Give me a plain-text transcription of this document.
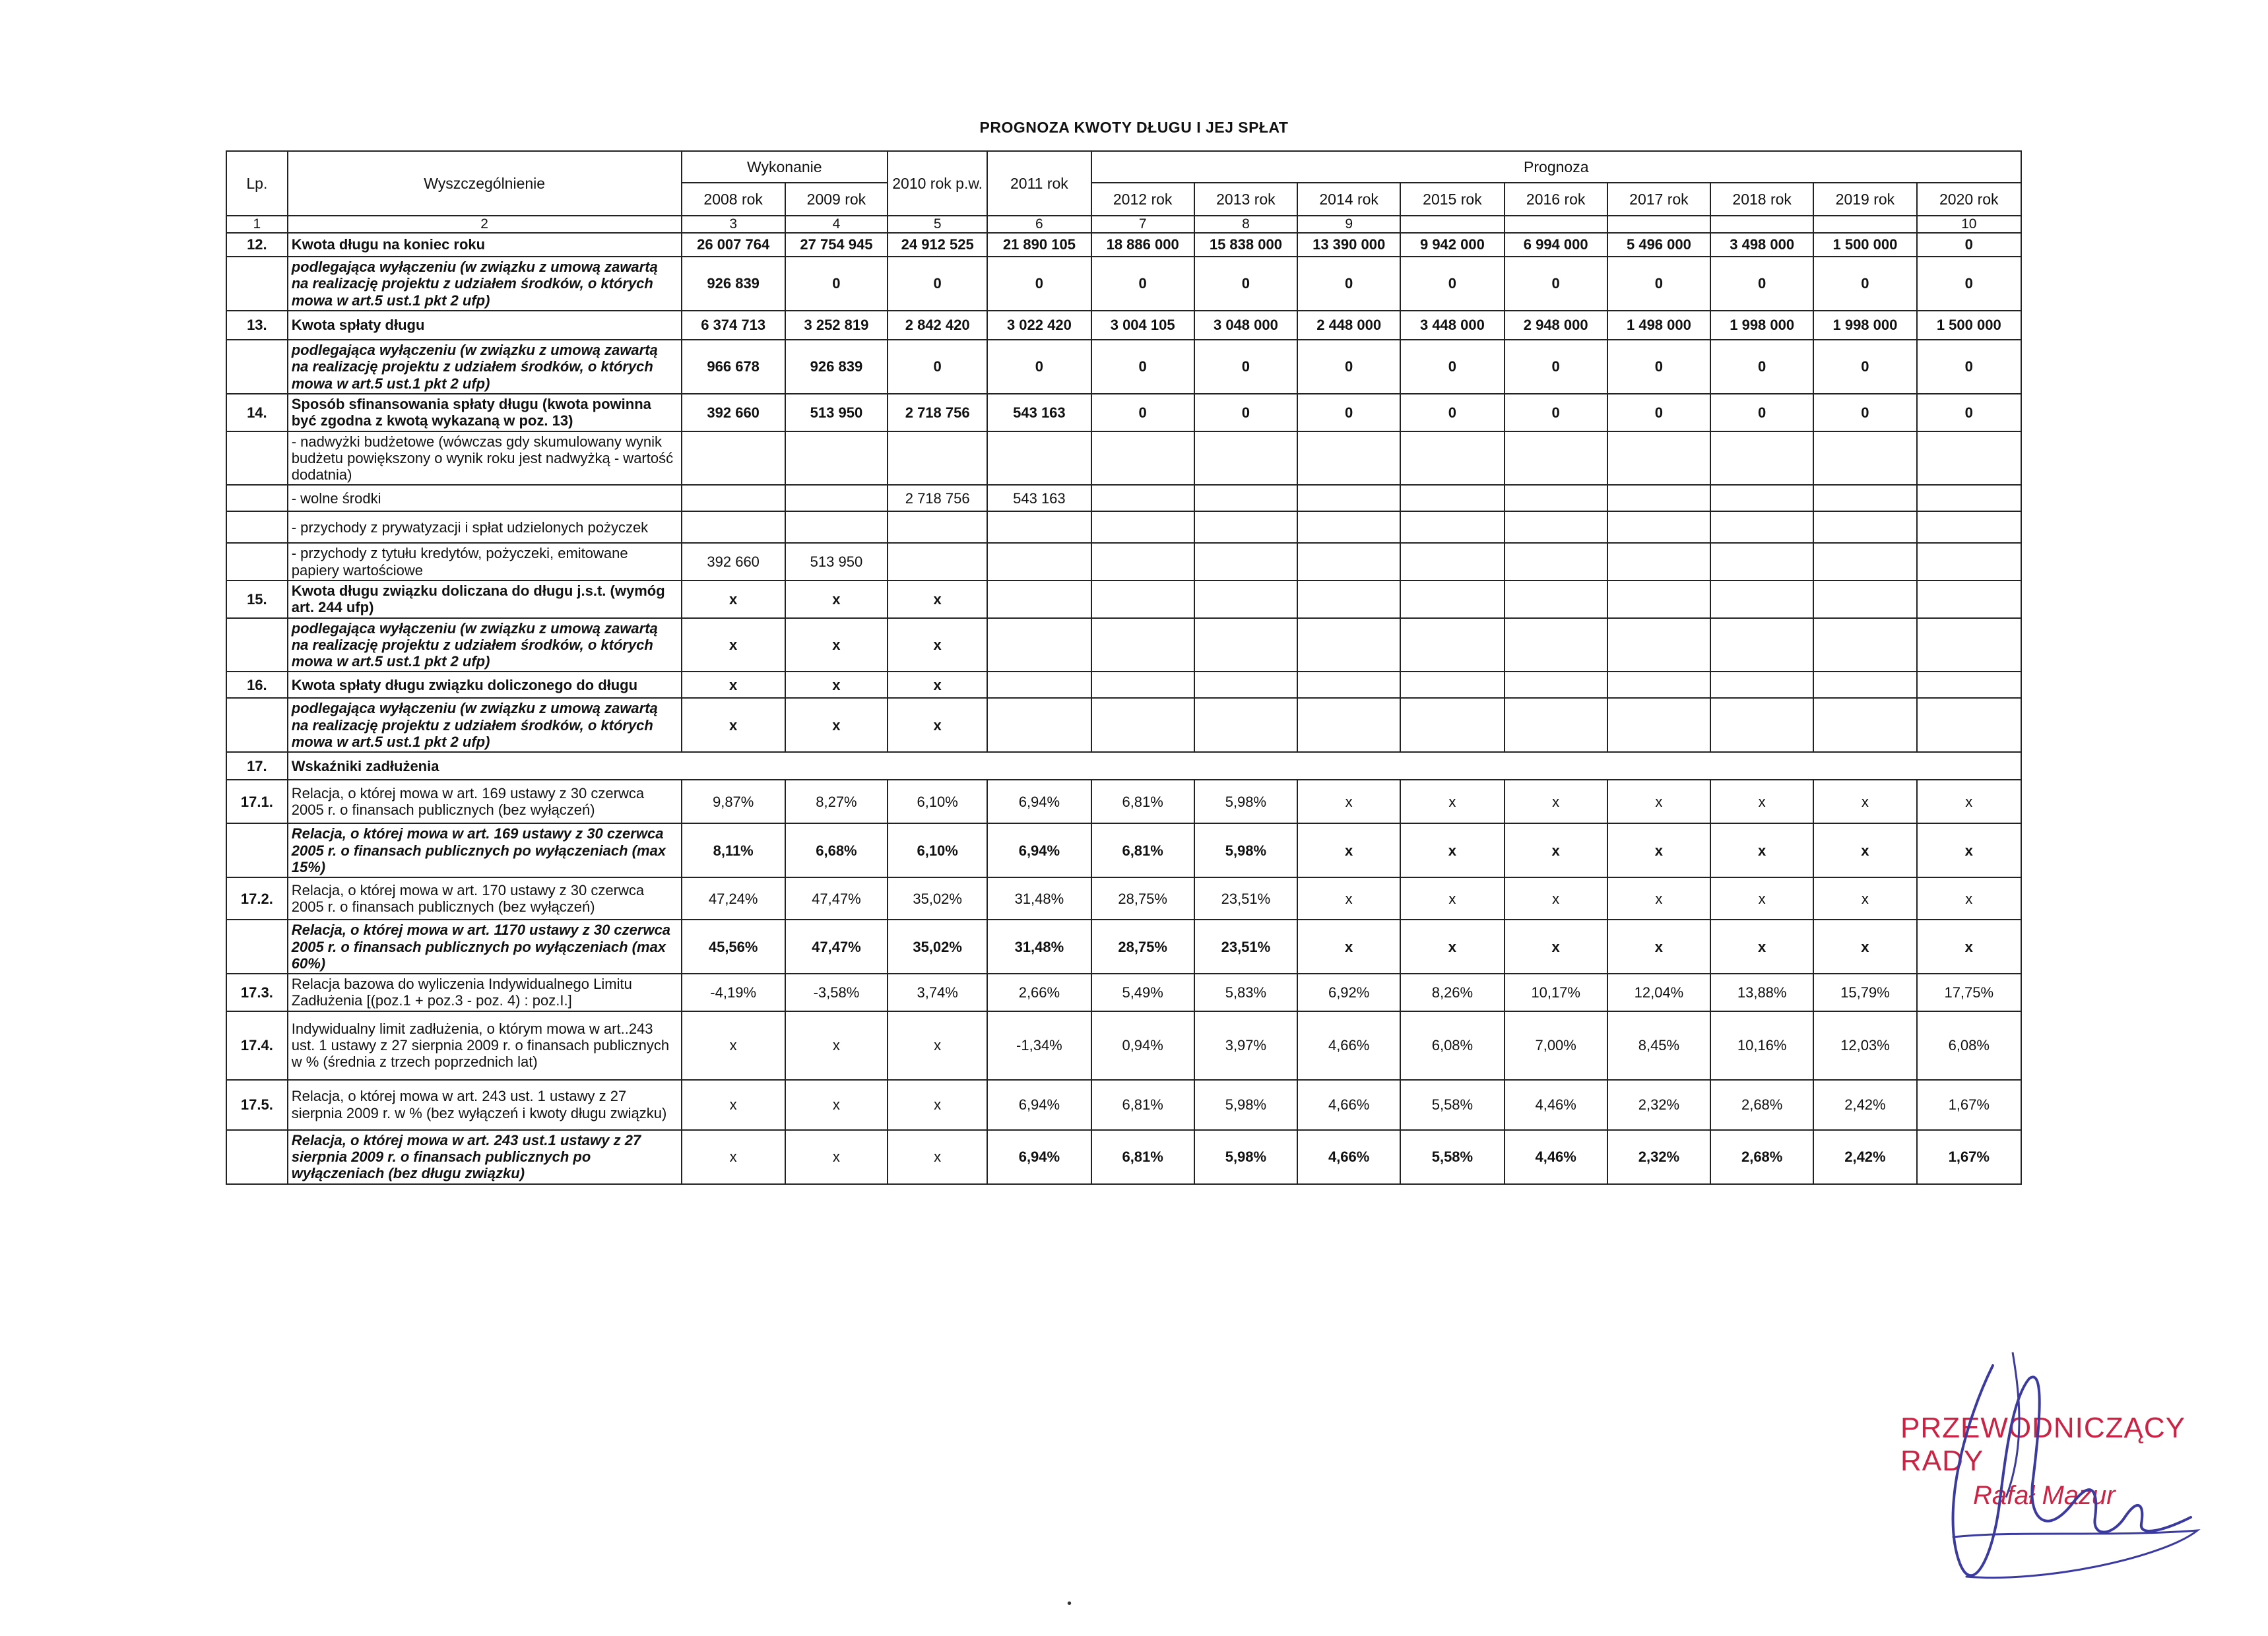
PROGNOZA KWOTY DŁUGU I JEJ SPŁAT
Lp.	Wyszczególnienie	Wykonanie		2010 rok p.w.	2011 rok	Prognoza								
		2008 rok	2009 rok			2012 rok	2013 rok	2014 rok	2015 rok	2016 rok	2017 rok	2018 rok	2019 rok	2020 rok
1	2	3	4	5	6	7	8	9						10
12.	Kwota długu na koniec roku	26 007 764	27 754 945	24 912 525	21 890 105	18 886 000	15 838 000	13 390 000	9 942 000	6 994 000	5 496 000	3 498 000	1 500 000	0
	podlegająca wyłączeniu (w związku z umową zawartą na realizację projektu z udziałem środków, o których mowa w art.5 ust.1 pkt 2 ufp)	926 839	0	0	0	0	0	0	0	0	0	0	0	0
13.	Kwota spłaty długu	6 374 713	3 252 819	2 842 420	3 022 420	3 004 105	3 048 000	2 448 000	3 448 000	2 948 000	1 498 000	1 998 000	1 998 000	1 500 000
	podlegająca wyłączeniu (w związku z umową zawartą na realizację projektu z udziałem środków, o których mowa w art.5 ust.1 pkt 2 ufp)	966 678	926 839	0	0	0	0	0	0	0	0	0	0	0
14.	Sposób sfinansowania spłaty długu (kwota powinna być zgodna z kwotą wykazaną w poz. 13)	392 660	513 950	2 718 756	543 163	0	0	0	0	0	0	0	0	0
	- nadwyżki budżetowe (wówczas gdy skumulowany wynik budżetu powiększony o wynik roku jest nadwyżką - wartość dodatnia)													
	- wolne środki			2 718 756	543 163									
	- przychody z prywatyzacji i spłat udzielonych pożyczek													
	- przychody z tytułu kredytów, pożyczeki, emitowane papiery wartościowe	392 660	513 950											
15.	Kwota długu związku doliczana do długu j.s.t. (wymóg art. 244 ufp)	x	x	x										
	podlegająca wyłączeniu (w związku z umową zawartą na realizację projektu z udziałem środków, o których mowa w art.5 ust.1 pkt 2 ufp)	x	x	x										
16.	Kwota spłaty długu związku doliczonego do długu	x	x	x										
	podlegająca wyłączeniu (w związku z umową zawartą na realizację projektu z udziałem środków, o których mowa w art.5 ust.1 pkt 2 ufp)	x	x	x										
17.	Wskaźniki zadłużenia													
17.1.	Relacja, o której mowa w art. 169 ustawy z 30 czerwca 2005 r. o finansach publicznych (bez wyłączeń)	9,87%	8,27%	6,10%	6,94%	6,81%	5,98%	x	x	x	x	x	x	x
	Relacja, o której mowa w art. 169 ustawy z 30 czerwca 2005 r. o finansach publicznych po wyłączeniach (max 15%)	8,11%	6,68%	6,10%	6,94%	6,81%	5,98%	x	x	x	x	x	x	x
17.2.	Relacja, o której mowa w art. 170 ustawy z 30 czerwca 2005 r. o finansach publicznych (bez wyłączeń)	47,24%	47,47%	35,02%	31,48%	28,75%	23,51%	x	x	x	x	x	x	x
	Relacja, o której mowa w art. 1170 ustawy z 30 czerwca 2005 r. o finansach publicznych po wyłączeniach (max 60%)	45,56%	47,47%	35,02%	31,48%	28,75%	23,51%	x	x	x	x	x	x	x
17.3.	Relacja bazowa do wyliczenia Indywidualnego Limitu Zadłużenia [(poz.1 + poz.3 - poz. 4) : poz.I.]	-4,19%	-3,58%	3,74%	2,66%	5,49%	5,83%	6,92%	8,26%	10,17%	12,04%	13,88%	15,79%	17,75%
17.4.	Indywidualny limit zadłużenia, o którym mowa w art..243 ust. 1 ustawy z 27 sierpnia 2009 r. o finansach publicznych w % (średnia z trzech poprzednich lat)	x	x	x	-1,34%	0,94%	3,97%	4,66%	6,08%	7,00%	8,45%	10,16%	12,03%	6,08%
17.5.	Relacja, o której mowa w art. 243 ust. 1 ustawy z 27 sierpnia 2009 r. w % (bez wyłączeń i kwoty długu związku)	x	x	x	6,94%	6,81%	5,98%	4,66%	5,58%	4,46%	2,32%	2,68%	2,42%	1,67%
	Relacja, o której mowa w art. 243 ust.1 ustawy z 27 sierpnia 2009 r. o finansach publicznych po wyłączeniach (bez długu związku)	x	x	x	6,94%	6,81%	5,98%	4,66%	5,58%	4,46%	2,32%	2,68%	2,42%	1,67%
PRZEWODNICZĄCY RADY
Rafał Mazur
•
